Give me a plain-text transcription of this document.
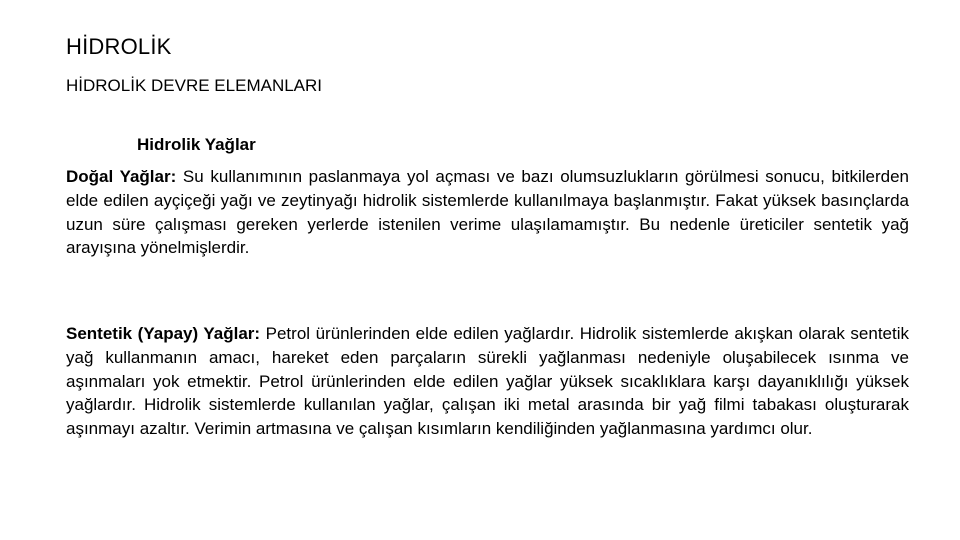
HİDROLİK
HİDROLİK DEVRE ELEMANLARI
Hidrolik Yağlar

Doğal Yağlar: Su kullanımının paslanmaya yol açması ve bazı olumsuzlukların görülmesi sonucu, bitkilerden elde edilen ayçiçeği yağı ve zeytinyağı hidrolik sistemlerde kullanılmaya başlanmıştır. Fakat yüksek basınçlarda uzun süre çalışması gereken yerlerde istenilen verime ulaşılamamıştır. Bu nedenle üreticiler sentetik yağ arayışına yönelmişlerdir.

Sentetik (Yapay) Yağlar: Petrol ürünlerinden elde edilen yağlardır. Hidrolik sistemlerde akışkan olarak sentetik yağ kullanmanın amacı, hareket eden parçaların sürekli yağlanması nedeniyle oluşabilecek ısınma ve aşınmaları yok etmektir. Petrol ürünlerinden elde edilen yağlar yüksek sıcaklıklara karşı dayanıklılığı yüksek yağlardır. Hidrolik sistemlerde kullanılan yağlar, çalışan iki metal arasında bir yağ filmi tabakası oluşturarak aşınmayı azaltır. Verimin artmasına ve çalışan kısımların kendiliğinden yağlanmasına yardımcı olur.
